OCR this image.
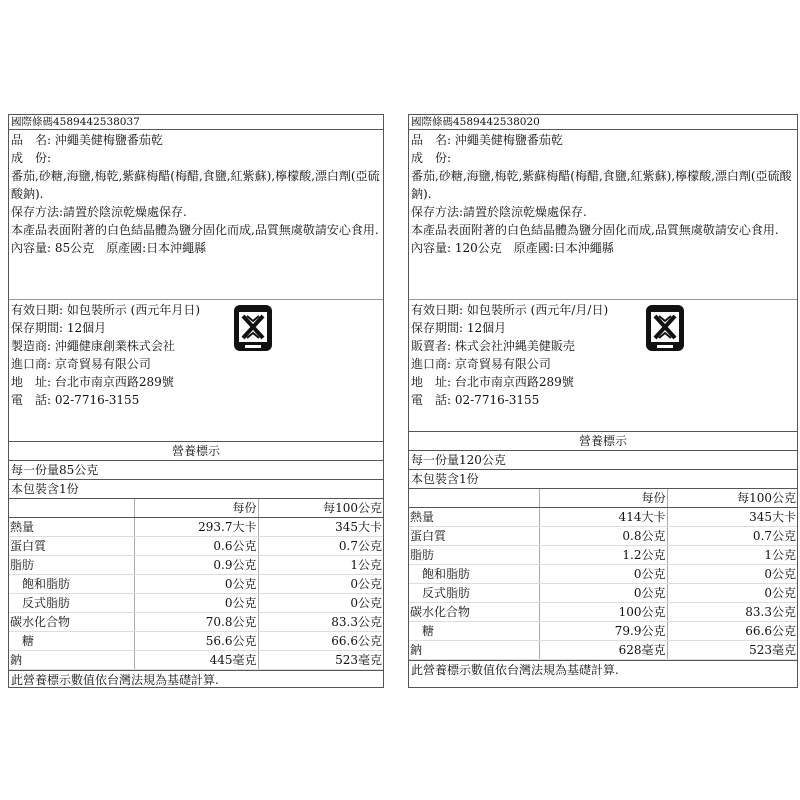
國際條碼4589442538037
品　名: 沖繩美健梅鹽番茄乾
成　份:
番茄,砂糖,海鹽,梅乾,紫蘇梅醋(梅醋,食鹽,紅紫蘇),檸檬酸,漂白劑(亞硫酸鈉).
保存方法:請置於陰涼乾燥處保存.
本產品表面附著的白色結晶體為鹽分固化而成,品質無虞敬請安心食用.
內容量: 85公克　原產國:日本沖繩縣
有效日期: 如包裝所示 (西元年月日)
保存期間: 12個月
製造商: 沖繩健康創業株式会社
進口商: 京奇貿易有限公司
地　址: 台北市南京西路289號
電　話: 02-7716-3155
營養標示
每一份量85公克
本包裝含1份
	每份	每100公克
熱量	293.7大卡	345大卡
蛋白質	0.6公克	0.7公克
脂肪	0.9公克	1公克
　飽和脂肪	0公克	0公克
　反式脂肪	0公克	0公克
碳水化合物	70.8公克	83.3公克
　糖	56.6公克	66.6公克
鈉	445毫克	523毫克
此營養標示數值依台灣法規為基礎計算.
國際條碼4589442538020
品　名: 沖繩美健梅鹽番茄乾
成　份:
番茄,砂糖,海鹽,梅乾,紫蘇梅醋(梅醋,食鹽,紅紫蘇),檸檬酸,漂白劑(亞硫酸鈉).
保存方法:請置於陰涼乾燥處保存.
本產品表面附著的白色結晶體為鹽分固化而成,品質無虞敬請安心食用.
內容量: 120公克　原產國:日本沖繩縣
有效日期: 如包裝所示 (西元年/月/日)
保存期間: 12個月
販賣者: 株式会社沖縄美健販売
進口商: 京奇貿易有限公司
地　址: 台北市南京西路289號
電　話: 02-7716-3155
營養標示
每一份量120公克
本包裝含1份
	每份	每100公克
熱量	414大卡	345大卡
蛋白質	0.8公克	0.7公克
脂肪	1.2公克	1公克
　飽和脂肪	0公克	0公克
　反式脂肪	0公克	0公克
碳水化合物	100公克	83.3公克
　糖	79.9公克	66.6公克
鈉	628毫克	523毫克
此營養標示數值依台灣法規為基礎計算.
